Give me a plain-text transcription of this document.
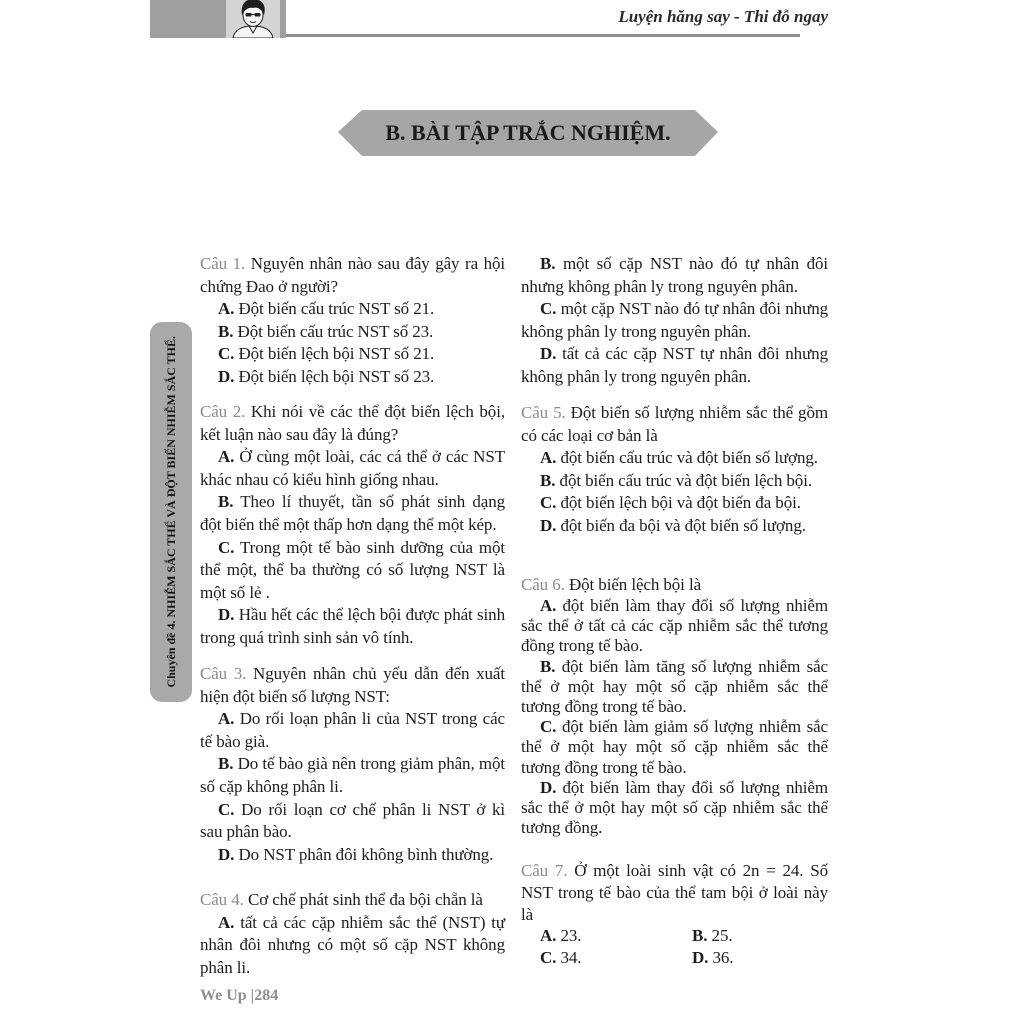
Luyện hăng say - Thi đỗ ngay
B. BÀI TẬP TRẮC NGHIỆM.
Chuyên đề 4. NHIỄM SẮC THỂ VÀ ĐỘT BIẾN NHIỄM SẮC THỂ.

Câu 1. Nguyên nhân nào sau đây gây ra hội chứng Đao ở người?

A. Đột biến cấu trúc NST số 21.

B. Đột biến cấu trúc NST số 23.

C. Đột biến lệch bội NST số 21.

D. Đột biến lệch bội NST số 23.

Câu 2. Khi nói về các thể đột biến lệch bội, kết luận nào sau đây là đúng?

A. Ở cùng một loài, các cá thể ở các NST khác nhau có kiểu hình giống nhau.

B. Theo lí thuyết, tần số phát sinh dạng đột biến thể một thấp hơn dạng thể một kép.

C. Trong một tế bào sinh dưỡng của một thể một, thể ba thường có số lượng NST là một số lẻ .

D. Hầu hết các thể lệch bội được phát sinh trong quá trình sinh sản vô tính.

Câu 3. Nguyên nhân chủ yếu dẫn đến xuất hiện đột biến số lượng NST:

A. Do rối loạn phân li của NST trong các tế bào già.

B. Do tế bào già nên trong giảm phân, một số cặp không phân li.

C. Do rối loạn cơ chế phân li NST ở kì sau phân bào.

D. Do NST phân đôi không bình thường.

Câu 4. Cơ chế phát sinh thể đa bội chẵn là

A. tất cả các cặp nhiễm sắc thể (NST) tự nhân đôi nhưng có một số cặp NST không phân li.

B. một số cặp NST nào đó tự nhân đôi nhưng không phân ly trong nguyên phân.

C. một cặp NST nào đó tự nhân đôi nhưng không phân ly trong nguyên phân.

D. tất cả các cặp NST tự nhân đôi nhưng không phân ly trong nguyên phân.

Câu 5. Đột biến số lượng nhiễm sắc thể gồm có các loại cơ bản là

A. đột biến cấu trúc và đột biến số lượng.

B. đột biến cấu trúc và đột biến lệch bội.

C. đột biến lệch bội và đột biến đa bội.

D. đột biến đa bội và đột biến số lượng.

Câu 6. Đột biến lệch bội là

A. đột biến làm thay đổi số lượng nhiễm sắc thể ở tất cả các cặp nhiễm sắc thể tương đồng trong tế bào.

B. đột biến làm tăng số lượng nhiễm sắc thể ở một hay một số cặp nhiễm sắc thể tương đồng trong tế bào.

C. đột biến làm giảm số lượng nhiễm sắc thể ở một hay một số cặp nhiễm sắc thể tương đồng trong tế bào.

D. đột biến làm thay đổi số lượng nhiễm sắc thể ở một hay một số cặp nhiễm sắc thể tương đồng.

Câu 7. Ở một loài sinh vật có 2n = 24. Số NST trong tế bào của thể tam bội ở loài này là

A. 23.	B. 25.

C. 34.	D. 36.

We Up |284
